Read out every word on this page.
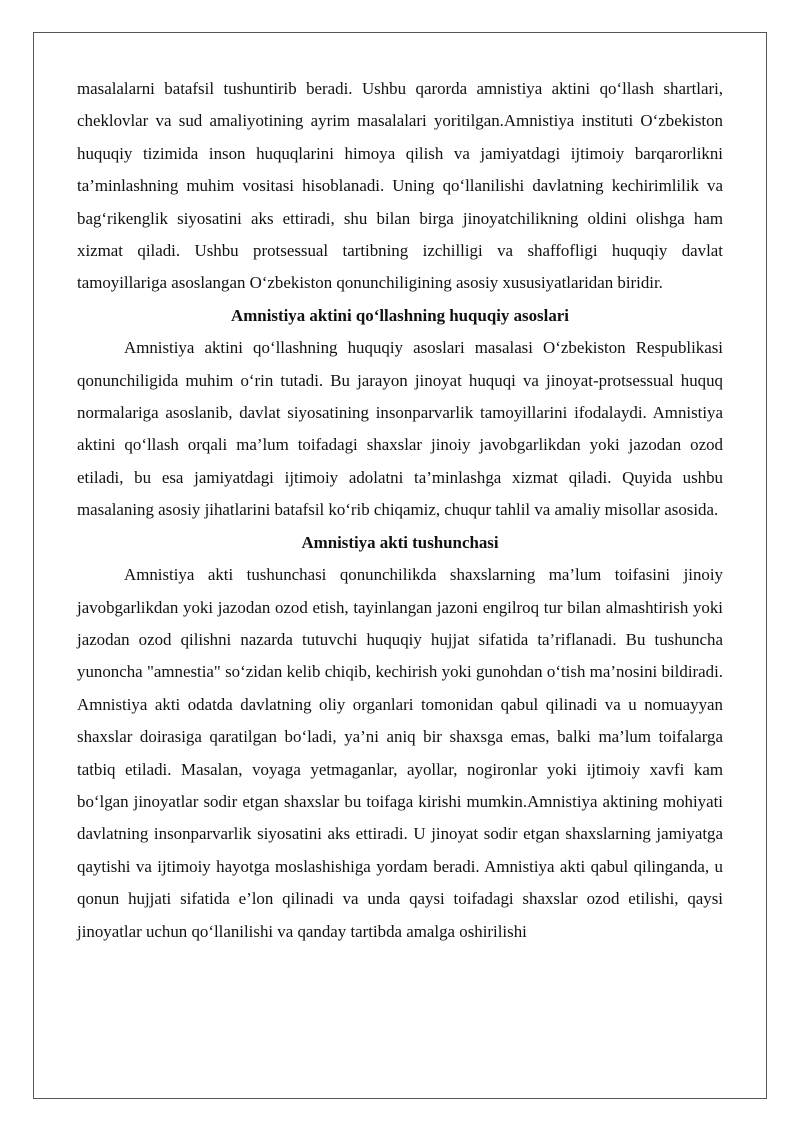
masalalarni batafsil tushuntirib beradi. Ushbu qarorda amnistiya aktini qo‘llash shartlari, cheklovlar va sud amaliyotining ayrim masalalari yoritilgan.Amnistiya instituti O‘zbekiston huquqiy tizimida inson huquqlarini himoya qilish va jamiyatdagi ijtimoiy barqarorlikni ta’minlashning muhim vositasi hisoblanadi. Uning qo‘llanilishi davlatning kechirimlilik va bag‘rikenglik siyosatini aks ettiradi, shu bilan birga jinoyatchilikning oldini olishga ham xizmat qiladi. Ushbu protsessual tartibning izchilligi va shaffofligi huquqiy davlat tamoyillariga asoslangan O‘zbekiston qonunchiligining asosiy xususiyatlaridan biridir.

Amnistiya aktini qo‘llashning huquqiy asoslari

Amnistiya aktini qo‘llashning huquqiy asoslari masalasi O‘zbekiston Respublikasi qonunchiligida muhim o‘rin tutadi. Bu jarayon jinoyat huquqi va jinoyat-protsessual huquq normalariga asoslanib, davlat siyosatining insonparvarlik tamoyillarini ifodalaydi. Amnistiya aktini qo‘llash orqali ma’lum toifadagi shaxslar jinoiy javobgarlikdan yoki jazodan ozod etiladi, bu esa jamiyatdagi ijtimoiy adolatni ta’minlashga xizmat qiladi. Quyida ushbu masalaning asosiy jihatlarini batafsil ko‘rib chiqamiz, chuqur tahlil va amaliy misollar asosida.

Amnistiya akti tushunchasi

Amnistiya akti tushunchasi qonunchilikda shaxslarning ma’lum toifasini jinoiy javobgarlikdan yoki jazodan ozod etish, tayinlangan jazoni engilroq tur bilan almashtirish yoki jazodan ozod qilishni nazarda tutuvchi huquqiy hujjat sifatida ta’riflanadi. Bu tushuncha yunoncha "amnestia" so‘zidan kelib chiqib, kechirish yoki gunohdan o‘tish ma’nosini bildiradi. Amnistiya akti odatda davlatning oliy organlari tomonidan qabul qilinadi va u nomuayyan shaxslar doirasiga qaratilgan bo‘ladi, ya’ni aniq bir shaxsga emas, balki ma’lum toifalarga tatbiq etiladi. Masalan, voyaga yetmaganlar, ayollar, nogironlar yoki ijtimoiy xavfi kam bo‘lgan jinoyatlar sodir etgan shaxslar bu toifaga kirishi mumkin.Amnistiya aktining mohiyati davlatning insonparvarlik siyosatini aks ettiradi. U jinoyat sodir etgan shaxslarning jamiyatga qaytishi va ijtimoiy hayotga moslashishiga yordam beradi. Amnistiya akti qabul qilinganda, u qonun hujjati sifatida e’lon qilinadi va unda qaysi toifadagi shaxslar ozod etilishi, qaysi jinoyatlar uchun qo‘llanilishi va qanday tartibda amalga oshirilishi
